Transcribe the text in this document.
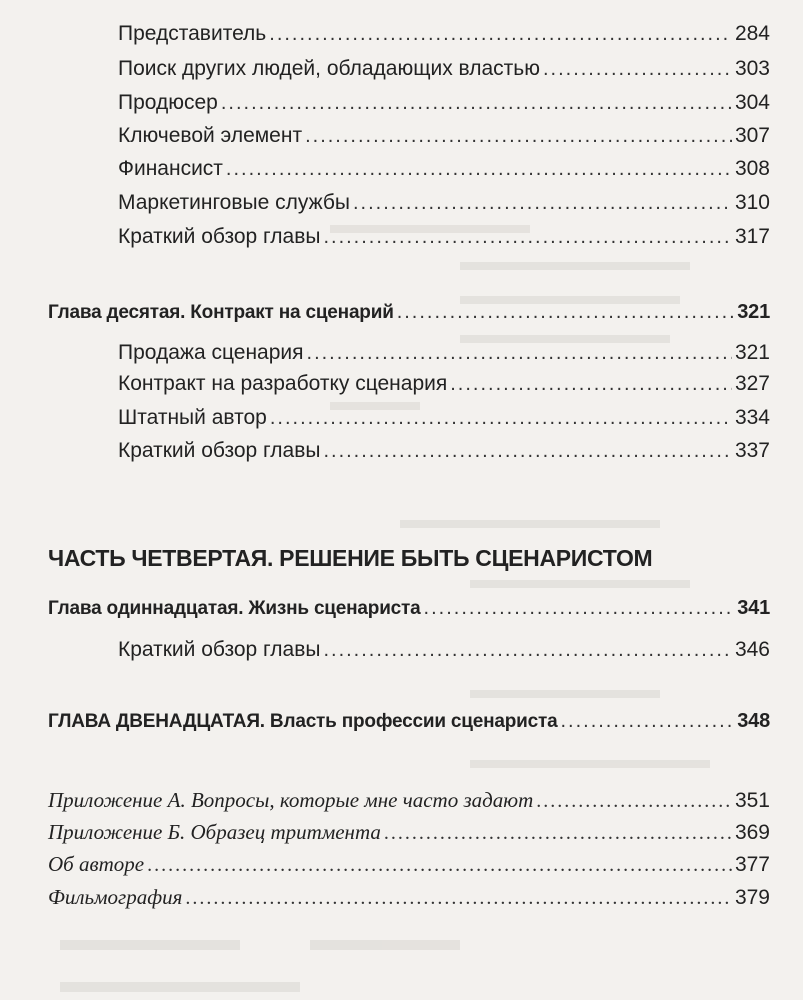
Представитель .....	284
Поиск других людей, обладающих властью .....	303
Продюсер .....	304
Ключевой элемент .....	307
Финансист .....	308
Маркетинговые службы .....	310
Краткий обзор главы .....	317
Глава десятая. Контракт на сценарий .....	321
Продажа сценария .....	321
Контракт на разработку сценария .....	327
Штатный автор .....	334
Краткий обзор главы .....	337
ЧАСТЬ ЧЕТВЕРТАЯ. РЕШЕНИЕ БЫТЬ СЦЕНАРИСТОМ
Глава одиннадцатая. Жизнь сценариста .....	341
Краткий обзор главы .....	346
ГЛАВА ДВЕНАДЦАТАЯ. Власть профессии сценариста .....	348
Приложение А. Вопросы, которые мне часто задают .....	351
Приложение Б. Образец тритмента .....	369
Об авторе .....	377
Фильмография .....	379
